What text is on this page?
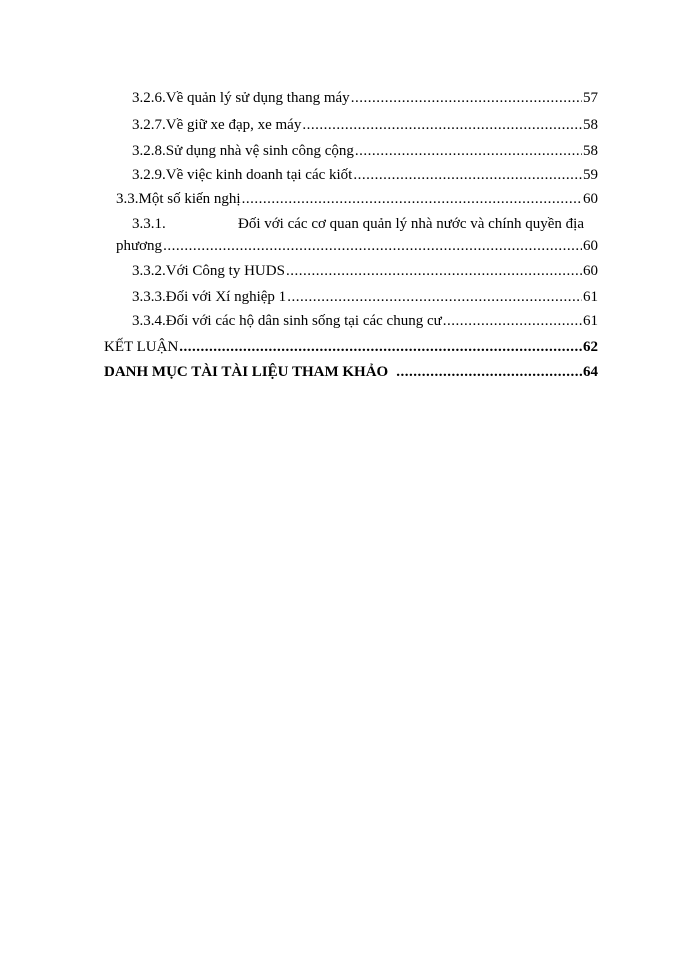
3.2.6. Về quản lý sử dụng thang máy .....	57
3.2.7. Về giữ xe đạp, xe máy .....	58
3.2.8. Sử dụng nhà vệ sinh công cộng .....	58
3.2.9. Về việc kinh doanh tại các kiốt .....	59
3.3. Một số kiến nghị .....	60
3.3.1.	Đối với các cơ quan quản lý nhà nước và chính quyền địa
phương .....	60
3.3.2. Với Công ty HUDS .....	60
3.3.3. Đối với Xí nghiệp 1 .....	61
3.3.4. Đối với các hộ dân sinh sống tại các chung cư .....	61
KẾT LUẬN .....	62
DANH MỤC TÀI TÀI LIỆU THAM KHẢO .....	64
